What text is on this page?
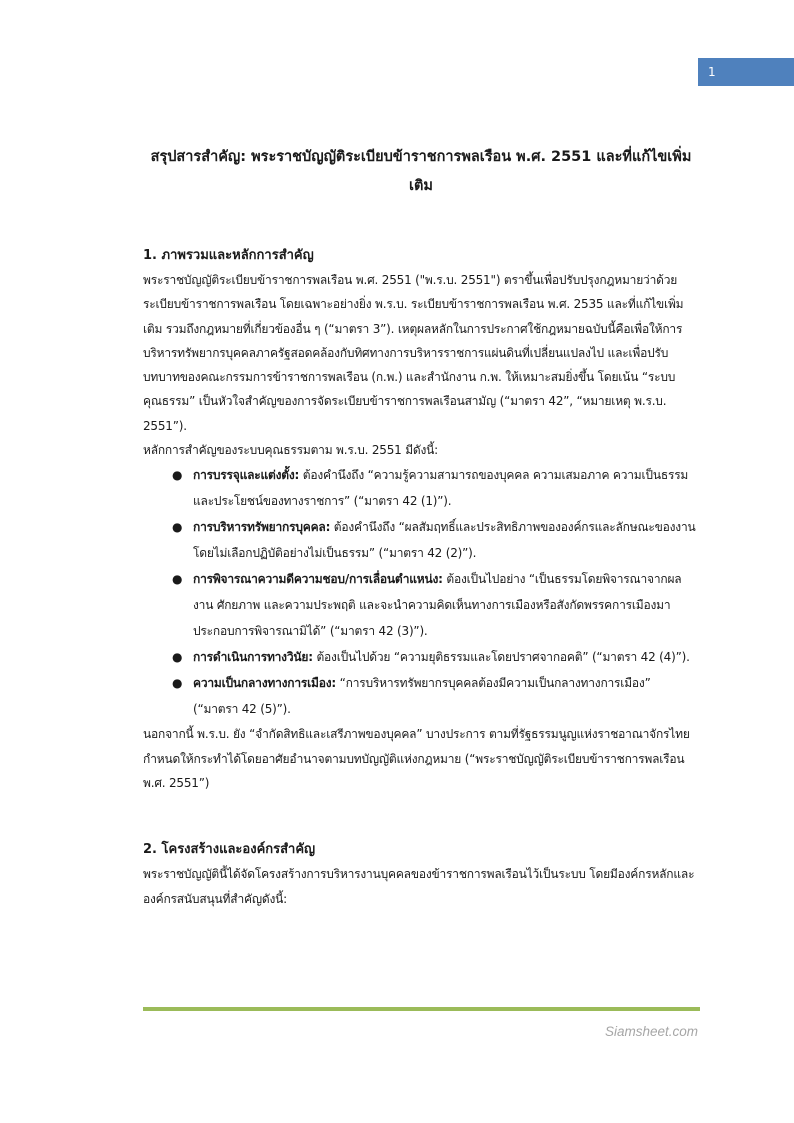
1
สรุปสารสำคัญ: พระราชบัญญัติระเบียบข้าราชการพลเรือน พ.ศ. 2551 และที่แก้ไขเพิ่มเติม
1. ภาพรวมและหลักการสำคัญ

พระราชบัญญัติระเบียบข้าราชการพลเรือน พ.ศ. 2551 ("พ.ร.บ. 2551") ตราขึ้นเพื่อปรับปรุงกฎหมายว่าด้วยระเบียบข้าราชการพลเรือน โดยเฉพาะอย่างยิ่ง พ.ร.บ. ระเบียบข้าราชการพลเรือน พ.ศ. 2535 และที่แก้ไขเพิ่มเติม รวมถึงกฎหมายที่เกี่ยวข้องอื่น ๆ (“มาตรา 3”). เหตุผลหลักในการประกาศใช้กฎหมายฉบับนี้คือเพื่อให้การบริหารทรัพยากรบุคคลภาครัฐสอดคล้องกับทิศทางการบริหารราชการแผ่นดินที่เปลี่ยนแปลงไป และเพื่อปรับบทบาทของคณะกรรมการข้าราชการพลเรือน (ก.พ.) และสำนักงาน ก.พ. ให้เหมาะสมยิ่งขึ้น โดยเน้น “ระบบคุณธรรม” เป็นหัวใจสำคัญของการจัดระเบียบข้าราชการพลเรือนสามัญ (“มาตรา 42”, “หมายเหตุ พ.ร.บ. 2551”).

หลักการสำคัญของระบบคุณธรรมตาม พ.ร.บ. 2551 มีดังนี้:

● การบรรจุและแต่งตั้ง: ต้องคำนึงถึง “ความรู้ความสามารถของบุคคล ความเสมอภาค ความเป็นธรรม และประโยชน์ของทางราชการ” (“มาตรา 42 (1)”).
● การบริหารทรัพยากรบุคคล: ต้องคำนึงถึง “ผลสัมฤทธิ์และประสิทธิภาพขององค์กรและลักษณะของงาน โดยไม่เลือกปฏิบัติอย่างไม่เป็นธรรม” (“มาตรา 42 (2)”).
● การพิจารณาความดีความชอบ/การเลื่อนตำแหน่ง: ต้องเป็นไปอย่าง “เป็นธรรมโดยพิจารณาจากผลงาน ศักยภาพ และความประพฤติ และจะนำความคิดเห็นทางการเมืองหรือสังกัดพรรคการเมืองมาประกอบการพิจารณามิได้” (“มาตรา 42 (3)”).
● การดำเนินการทางวินัย: ต้องเป็นไปด้วย “ความยุติธรรมและโดยปราศจากอคติ” (“มาตรา 42 (4)”).
● ความเป็นกลางทางการเมือง: “การบริหารทรัพยากรบุคคลต้องมีความเป็นกลางทางการเมือง” (“มาตรา 42 (5)”).

นอกจากนี้ พ.ร.บ. ยัง “จำกัดสิทธิและเสรีภาพของบุคคล” บางประการ ตามที่รัฐธรรมนูญแห่งราชอาณาจักรไทยกำหนดให้กระทำได้โดยอาศัยอำนาจตามบทบัญญัติแห่งกฎหมาย (“พระราชบัญญัติระเบียบข้าราชการพลเรือน พ.ศ. 2551”)

2. โครงสร้างและองค์กรสำคัญ

พระราชบัญญัตินี้ได้จัดโครงสร้างการบริหารงานบุคคลของข้าราชการพลเรือนไว้เป็นระบบ โดยมีองค์กรหลักและองค์กรสนับสนุนที่สำคัญดังนี้:

Siamsheet.com
